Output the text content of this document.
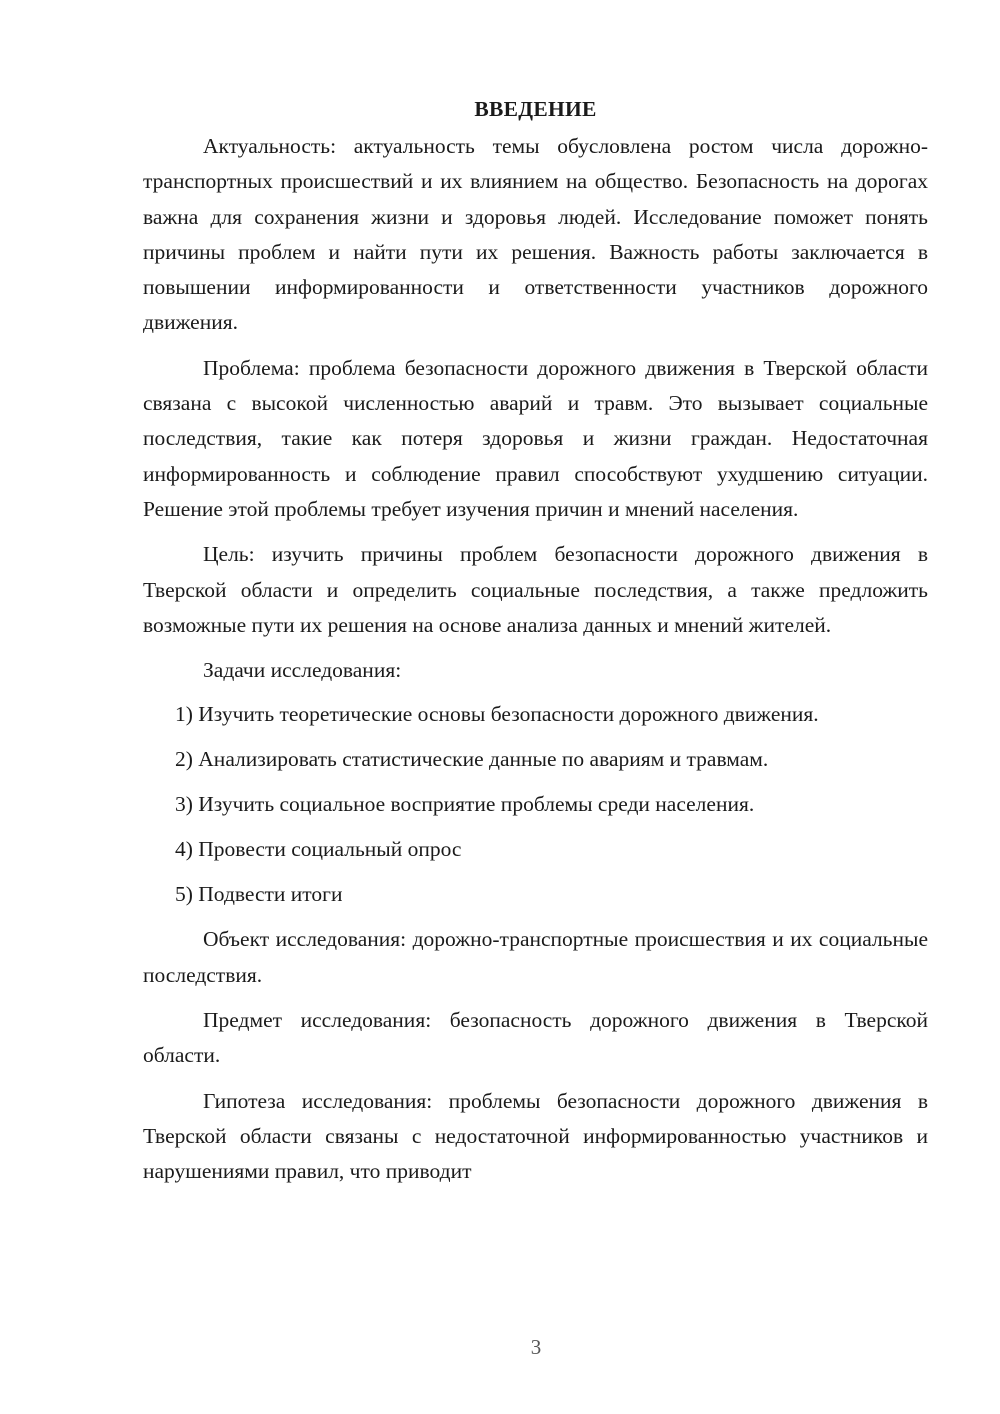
ВВЕДЕНИЕ

Актуальность: актуальность темы обусловлена ростом числа дорожно-транспортных происшествий и их влиянием на общество. Безопасность на дорогах важна для сохранения жизни и здоровья людей. Исследование поможет понять причины проблем и найти пути их решения. Важность работы заключается в повышении информированности и ответственности участников дорожного движения.

Проблема: проблема безопасности дорожного движения в Тверской области связана с высокой численностью аварий и травм. Это вызывает социальные последствия, такие как потеря здоровья и жизни граждан. Недостаточная информированность и соблюдение правил способствуют ухудшению ситуации. Решение этой проблемы требует изучения причин и мнений населения.

Цель: изучить причины проблем безопасности дорожного движения в Тверской области и определить социальные последствия, а также предложить возможные пути их решения на основе анализа данных и мнений жителей.

Задачи исследования:

1) Изучить теоретические основы безопасности дорожного движения.

2) Анализировать статистические данные по авариям и травмам.

3) Изучить социальное восприятие проблемы среди населения.

4) Провести социальный опрос

5) Подвести итоги

Объект исследования: дорожно-транспортные происшествия и их социальные последствия.

Предмет исследования: безопасность дорожного движения в Тверской области.

Гипотеза исследования: проблемы безопасности дорожного движения в Тверской области связаны с недостаточной информированностью участников и нарушениями правил, что приводит

3
